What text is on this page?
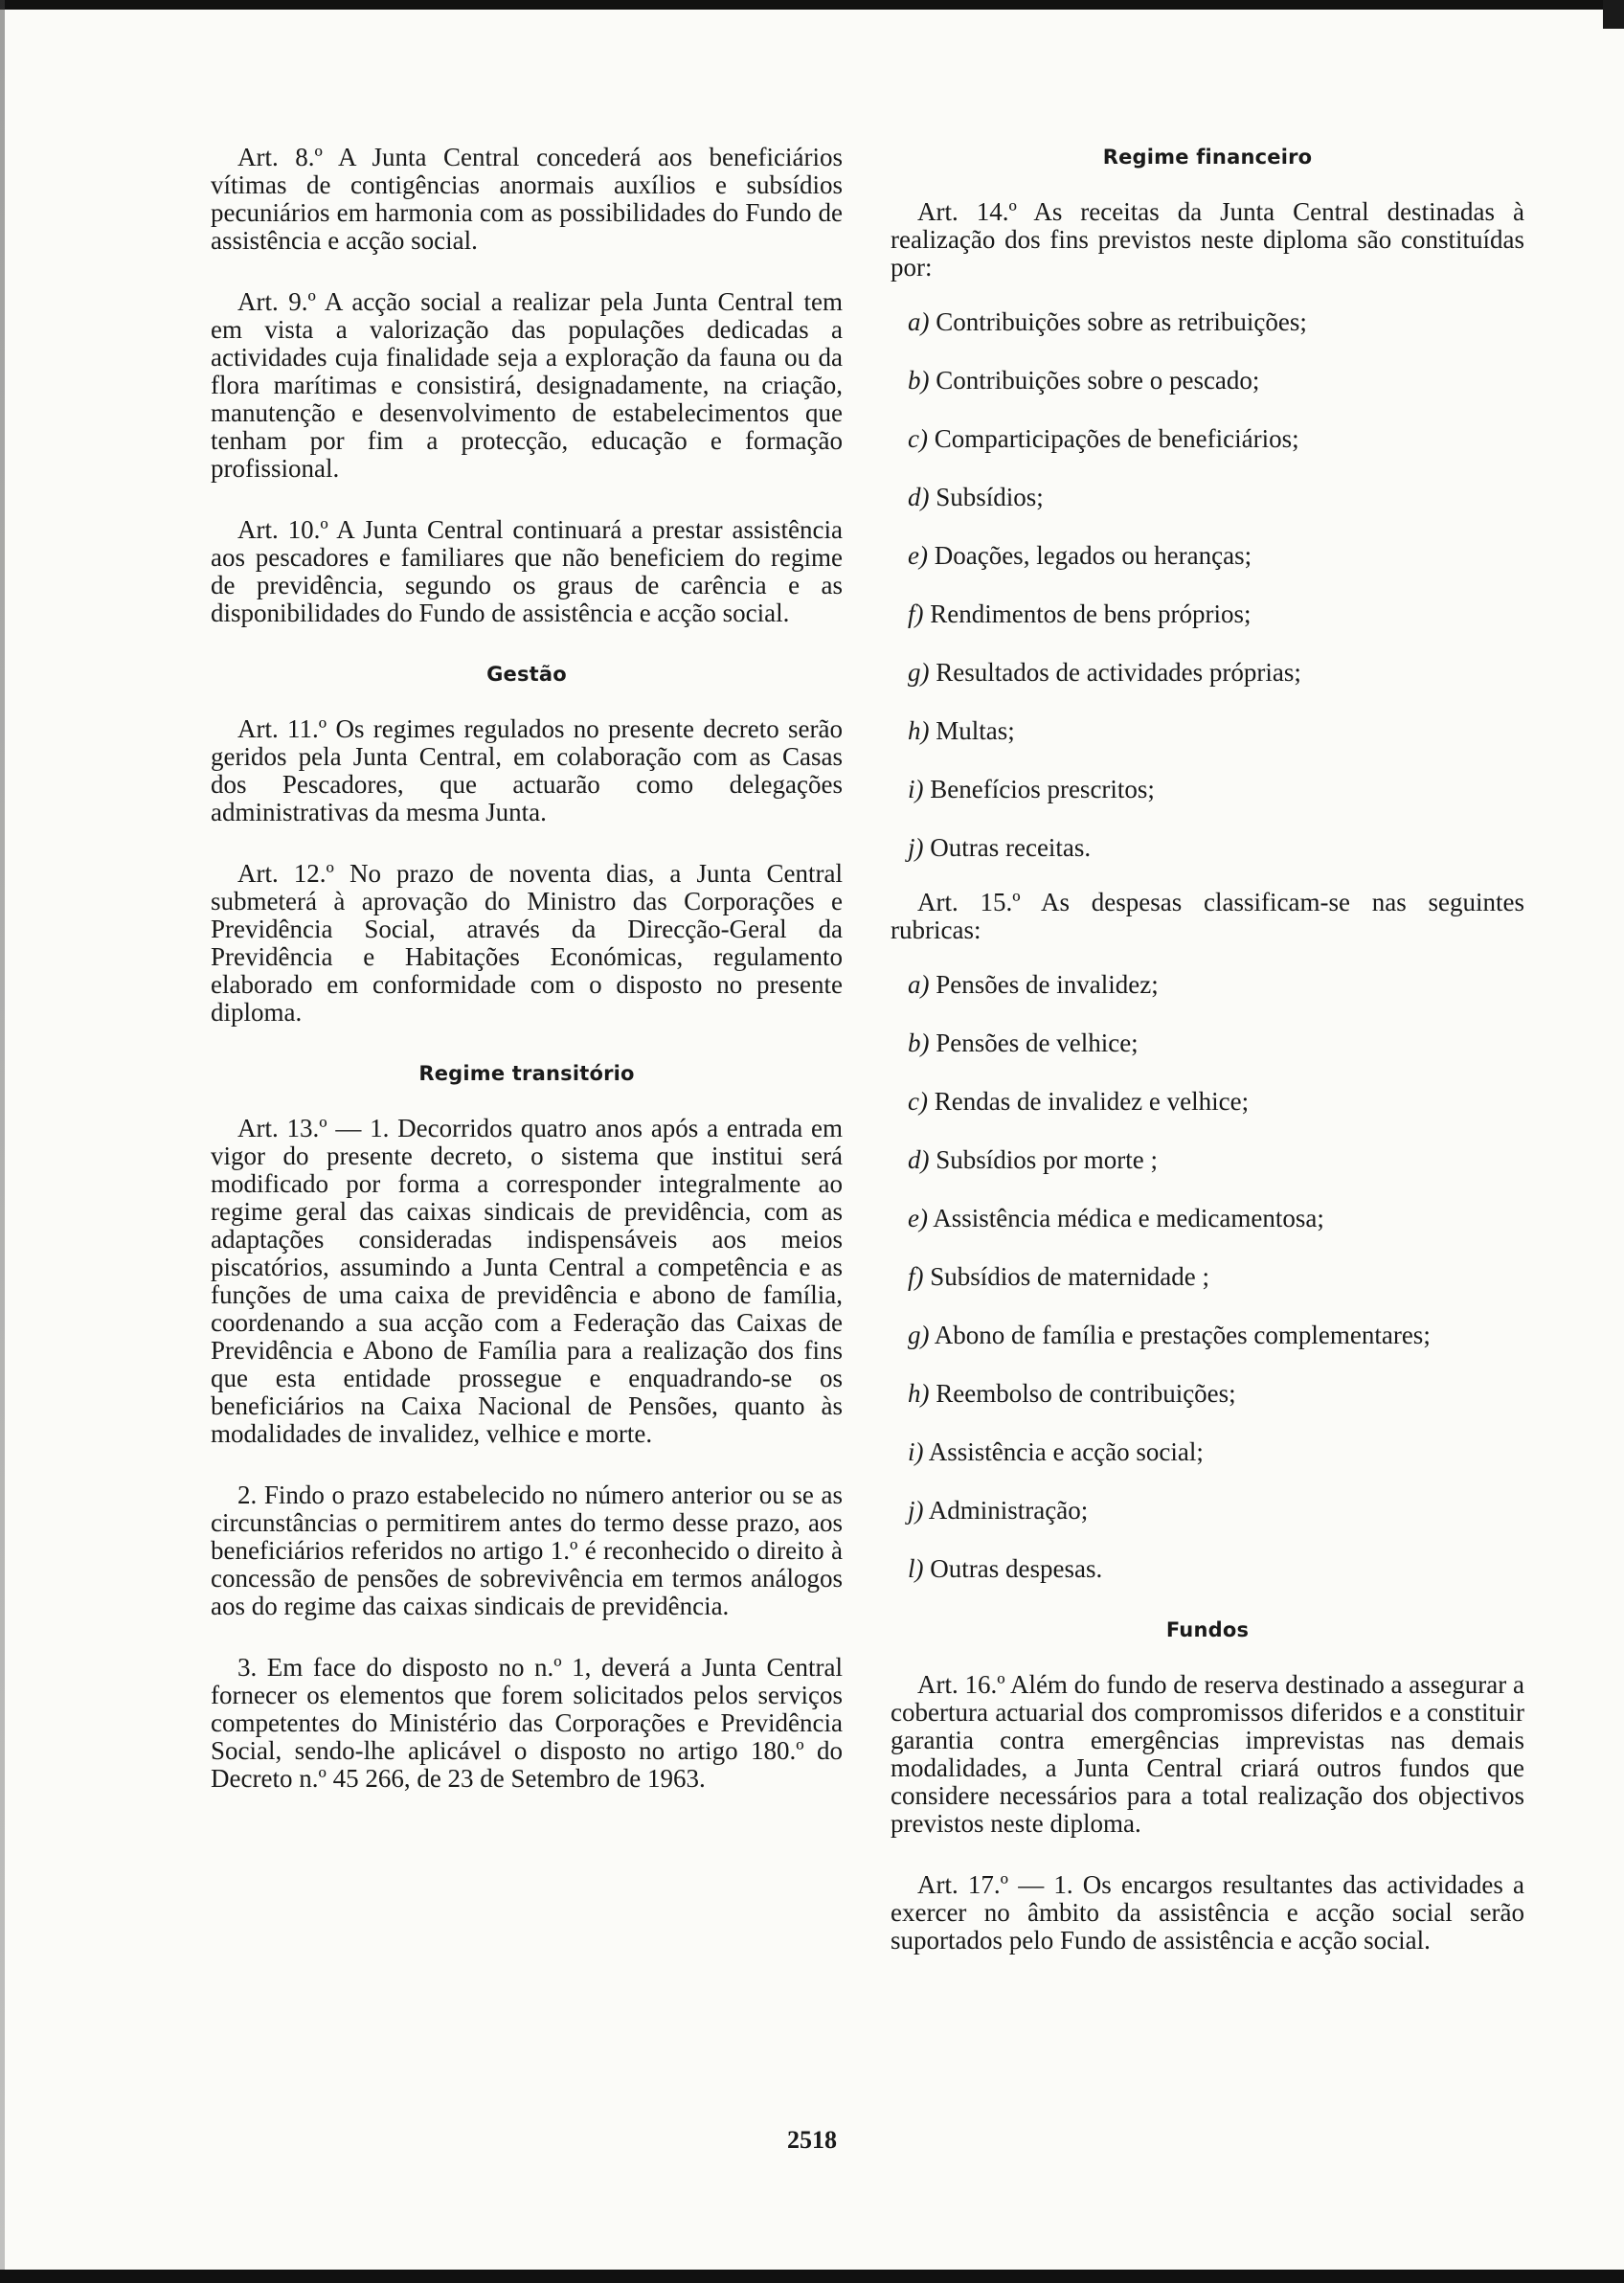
Art. 8.º A Junta Central concederá aos beneficiários vítimas de contigências anormais auxílios e subsídios pecuniários em harmonia com as possibilidades do Fundo de assistência e acção social.

Art. 9.º A acção social a realizar pela Junta Central tem em vista a valorização das populações dedicadas a actividades cuja finalidade seja a exploração da fauna ou da flora marítimas e consistirá, designadamente, na criação, manutenção e desenvolvimento de estabelecimentos que tenham por fim a protecção, educação e formação profissional.

Art. 10.º A Junta Central continuará a prestar assistência aos pescadores e familiares que não beneficiem do regime de previdência, segundo os graus de carência e as disponibilidades do Fundo de assistência e acção social.

Gestão

Art. 11.º Os regimes regulados no presente decreto serão geridos pela Junta Central, em colaboração com as Casas dos Pescadores, que actuarão como delegações administrativas da mesma Junta.

Art. 12.º No prazo de noventa dias, a Junta Central submeterá à aprovação do Ministro das Corporações e Previdência Social, através da Direcção-Geral da Previdência e Habitações Económicas, regulamento elaborado em conformidade com o disposto no presente diploma.

Regime transitório

Art. 13.º — 1. Decorridos quatro anos após a entrada em vigor do presente decreto, o sistema que institui será modificado por forma a corresponder integralmente ao regime geral das caixas sindicais de previdência, com as adaptações consideradas indispensáveis aos meios piscatórios, assumindo a Junta Central a competência e as funções de uma caixa de previdência e abono de família, coordenando a sua acção com a Federação das Caixas de Previdência e Abono de Família para a realização dos fins que esta entidade prossegue e enquadrando-se os beneficiários na Caixa Nacional de Pensões, quanto às modalidades de invalidez, velhice e morte.

2. Findo o prazo estabelecido no número anterior ou se as circunstâncias o permitirem antes do termo desse prazo, aos beneficiários referidos no artigo 1.º é reconhecido o direito à concessão de pensões de sobrevivência em termos análogos aos do regime das caixas sindicais de previdência.

3. Em face do disposto no n.º 1, deverá a Junta Central fornecer os elementos que forem solicitados pelos serviços competentes do Ministério das Corporações e Previdência Social, sendo-lhe aplicável o disposto no artigo 180.º do Decreto n.º 45 266, de 23 de Setembro de 1963.

Regime financeiro

Art. 14.º As receitas da Junta Central destinadas à realização dos fins previstos neste diploma são constituídas por:

a) Contribuições sobre as retribuições;

b) Contribuições sobre o pescado;

c) Comparticipações de beneficiários;

d) Subsídios;

e) Doações, legados ou heranças;

f) Rendimentos de bens próprios;

g) Resultados de actividades próprias;

h) Multas;

i) Benefícios prescritos;

j) Outras receitas.

Art. 15.º As despesas classificam-se nas seguintes rubricas:

a) Pensões de invalidez;

b) Pensões de velhice;

c) Rendas de invalidez e velhice;

d) Subsídios por morte ;

e) Assistência médica e medicamentosa;

f) Subsídios de maternidade ;

g) Abono de família e prestações complementares;

h) Reembolso de contribuições;

i) Assistência e acção social;

j) Administração;

l) Outras despesas.

Fundos

Art. 16.º Além do fundo de reserva destinado a assegurar a cobertura actuarial dos compromissos diferidos e a constituir garantia contra emergências imprevistas nas demais modalidades, a Junta Central criará outros fundos que considere necessários para a total realização dos objectivos previstos neste diploma.

Art. 17.º — 1. Os encargos resultantes das actividades a exercer no âmbito da assistência e acção social serão suportados pelo Fundo de assistência e acção social.

2518
